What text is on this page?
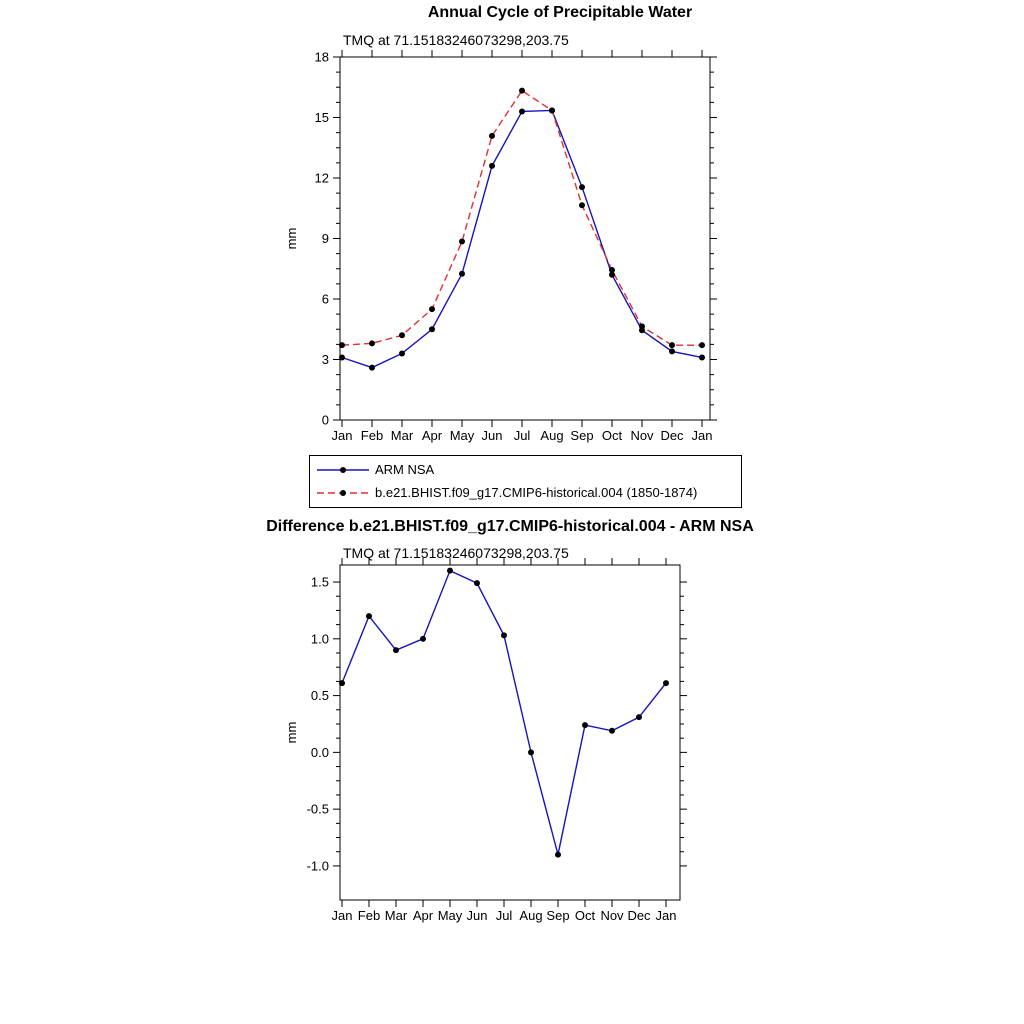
0
3
6
9
12
15
18
Jan Feb Mar Apr May Jun Jul Aug Sep Oct Nov Dec Jan
mm
-1.0
-0.5
0.0
0.5
1.0
1.5
Jan Feb Mar Apr May Jun Jul Aug Sep Oct Nov Dec Jan
mm
Annual Cycle of Precipitable Water
TMQ at 71.15183246073298,203.75
ARM NSA
b.e21.BHIST.f09_g17.CMIP6-historical.004 (1850-1874)
Difference b.e21.BHIST.f09_g17.CMIP6-historical.004 - ARM NSA
TMQ at 71.15183246073298,203.75
